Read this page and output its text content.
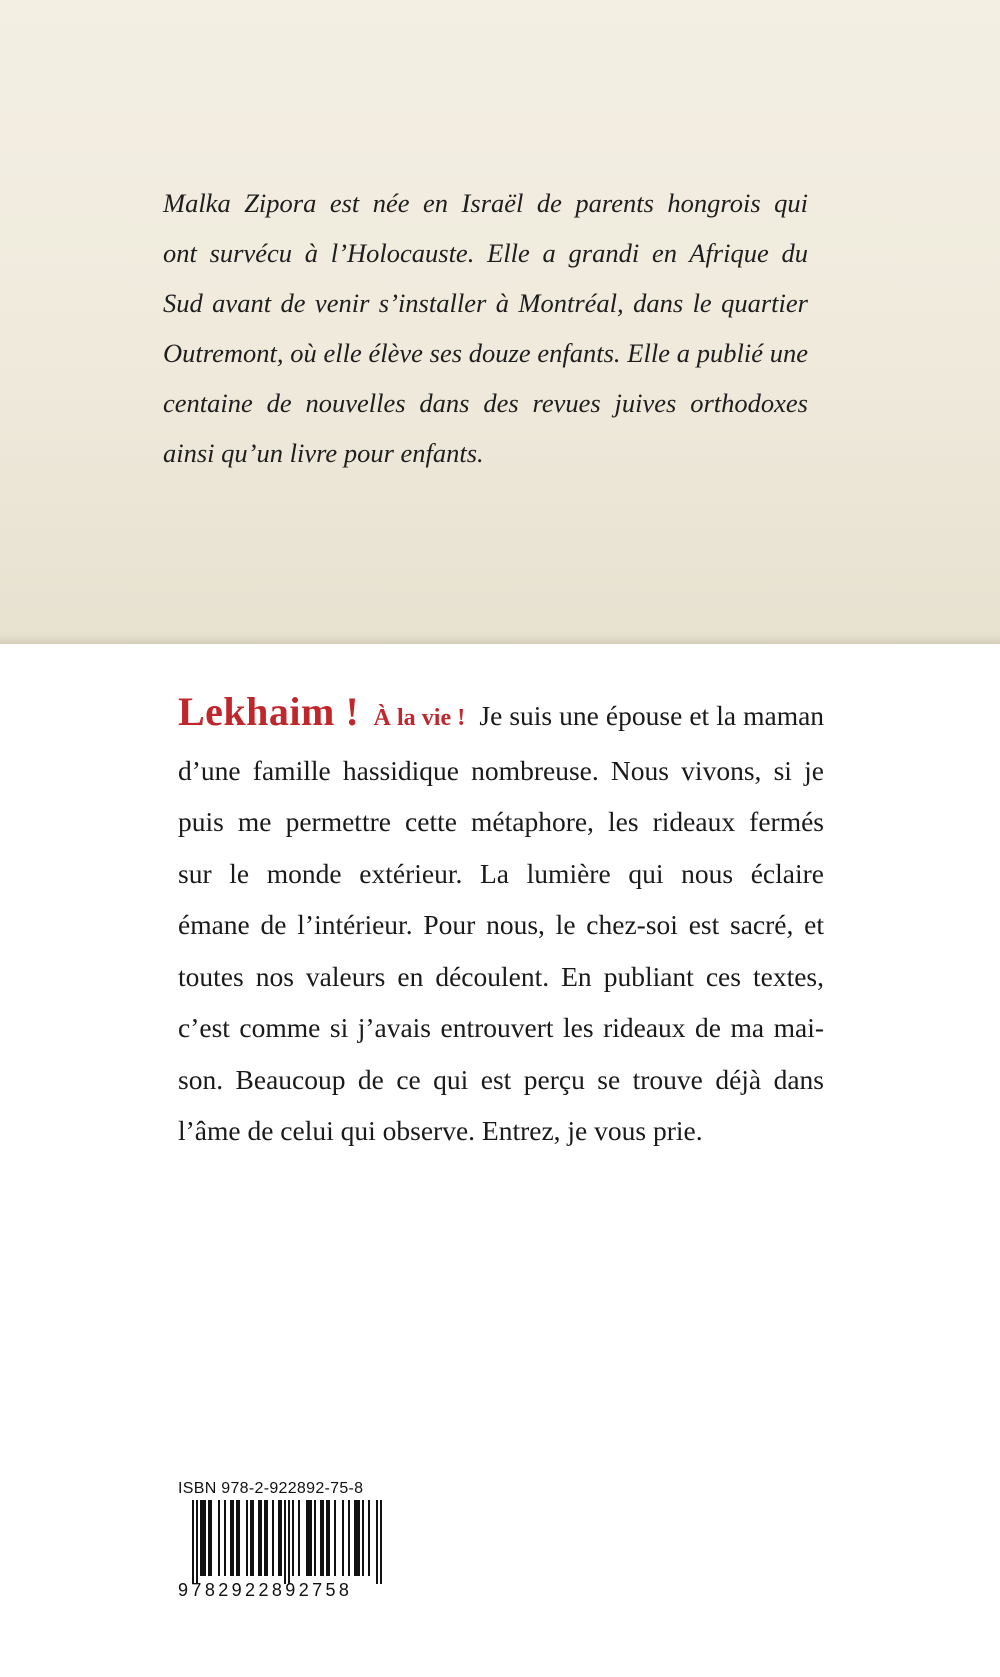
Malka Zipora est née en Israël de parents hongrois qui
ont survécu à l’Holocauste. Elle a grandi en Afrique du
Sud avant de venir s’installer à Montréal, dans le quartier
Outremont, où elle élève ses douze enfants. Elle a publié une
centaine de nouvelles dans des revues juives orthodoxes
ainsi qu’un livre pour enfants.

Lekhaim ! À la vie ! Je suis une épouse et la maman
d’une famille hassidique nombreuse. Nous vivons, si je
puis me permettre cette métaphore, les rideaux fermés
sur le monde extérieur. La lumière qui nous éclaire
émane de l’intérieur. Pour nous, le chez-soi est sacré, et
toutes nos valeurs en découlent. En publiant ces textes,
c’est comme si j’avais entrouvert les rideaux de ma mai-
son. Beaucoup de ce qui est perçu se trouve déjà dans
l’âme de celui qui observe. Entrez, je vous prie.

ISBN 978-2-922892-75-8
9782922892758
